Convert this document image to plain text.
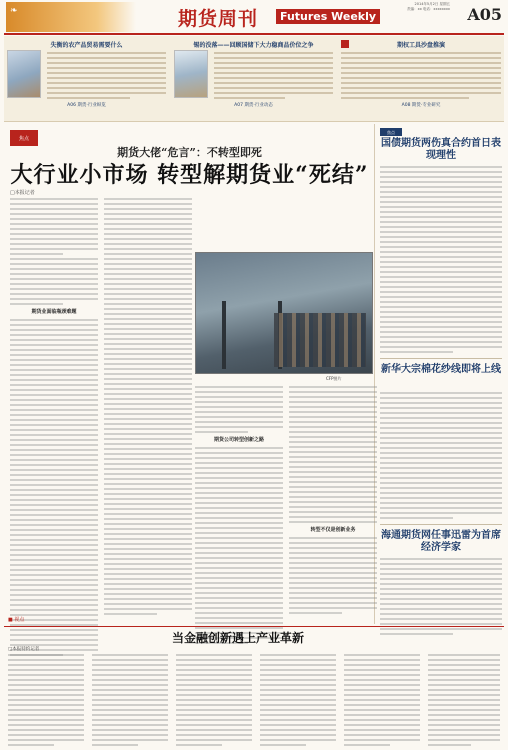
❧	期货周刊	Futures Weekly
2014年5月2日 星期五
责编：xx 电话：xxxxxxxx A05
失衡的农产品贸易需要什么
A06 期货·行业纵览
锡的没落——回顾国储下大力稳商品价位之争
A07 期货·行业动态
期权工具沙盘推演
A08 期货·专业研究
焦点
期货大佬“危言”：不转型即死
大行业小市场 转型解期货业“死结”
□本报记者
期货业面临瓶颈难题
CFP图片
期货公司转型创新之路
转型不仅是创新业务
焦点
国债期货两伤真合约首日表现理性
新华大宗棉花纱线即将上线
海通期货网任事迅雷为首席经济学家
■ 视点
当金融创新遇上产业革新
□本报特约记者
